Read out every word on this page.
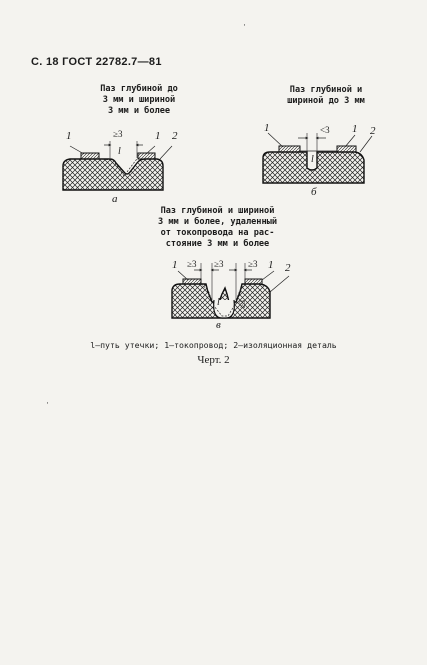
С. 18 ГОСТ 22782.7—81
·
·
Паз глубиной до
3 мм и шириной
3 мм и более
Паз глубиной и
шириной до 3 мм
Паз глубиной и шириной
3 мм и более, удаленный
от токопровода на рас-
стояние 3 мм и более
1	1 2
≥3
l
а
1	1 2
<3
l
б
1	1 2
≥3 ≥3	≥3
l ≥3
в
l—путь утечки; 1—токопровод; 2—изоляционная деталь
Черт. 2
